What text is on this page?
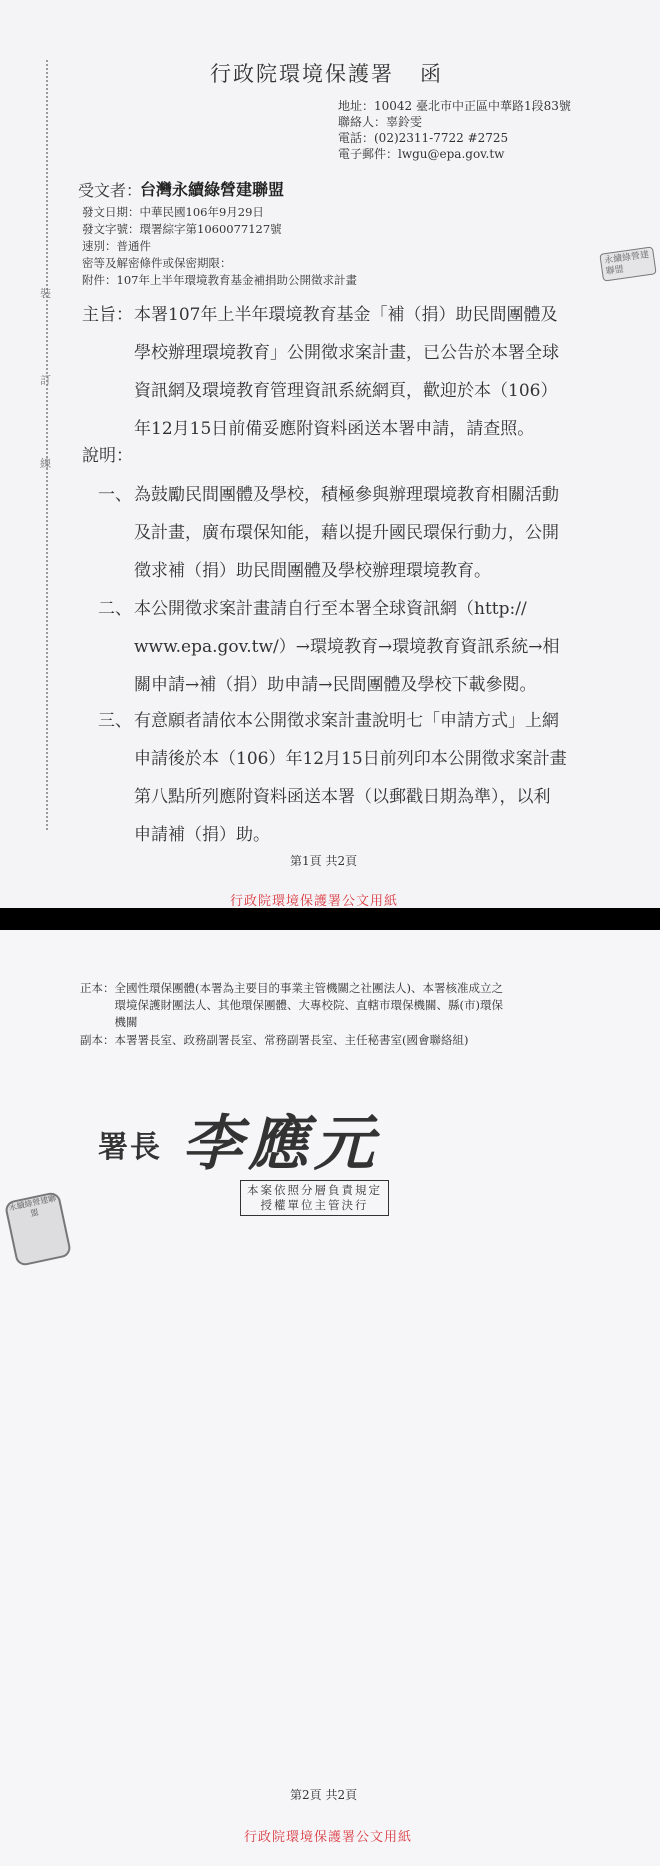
裝
訂
線
行政院環境保護署 函
地址：10042 臺北市中正區中華路1段83號
聯絡人：辜鈴雯
電話：(02)2311-7722 #2725
電子郵件：lwgu@epa.gov.tw
受文者：
台灣永續綠營建聯盟
發文日期：中華民國106年9月29日
發文字號：環署綜字第1060077127號
速別：普通件
密等及解密條件或保密期限：
附件：107年上半年環境教育基金補捐助公開徵求計畫
永續綠營建聯盟
主旨： 本署107年上半年環境教育基金「補（捐）助民間團體及
學校辦理環境教育」公開徵求案計畫，已公告於本署全球
資訊網及環境教育管理資訊系統網頁，歡迎於本（106）
年12月15日前備妥應附資料函送本署申請，請查照。
說明：
一、 為鼓勵民間團體及學校，積極參與辦理環境教育相關活動
及計畫，廣布環保知能，藉以提升國民環保行動力，公開
徵求補（捐）助民間團體及學校辦理環境教育。
二、 本公開徵求案計畫請自行至本署全球資訊網（http://
www.epa.gov.tw/）→環境教育→環境教育資訊系統→相
關申請→補（捐）助申請→民間團體及學校下載參閱。
三、 有意願者請依本公開徵求案計畫說明七「申請方式」上網
申請後於本（106）年12月15日前列印本公開徵求案計畫
第八點所列應附資料函送本署（以郵戳日期為準），以利
申請補（捐）助。
第1頁 共2頁
行政院環境保護署公文用紙
正本：全國性環保團體(本署為主要目的事業主管機關之社團法人)、本署核准成立之
　　　環境保護財團法人、其他環保團體、大專校院、直轄市環保機關、縣(市)環保
　　　機關
副本：本署署長室、政務副署長室、常務副署長室、主任秘書室(國會聯絡組)
署長 李應元
本案依照分層負責規定
授權單位主管決行
永續綠營建聯盟
第2頁 共2頁
行政院環境保護署公文用紙
